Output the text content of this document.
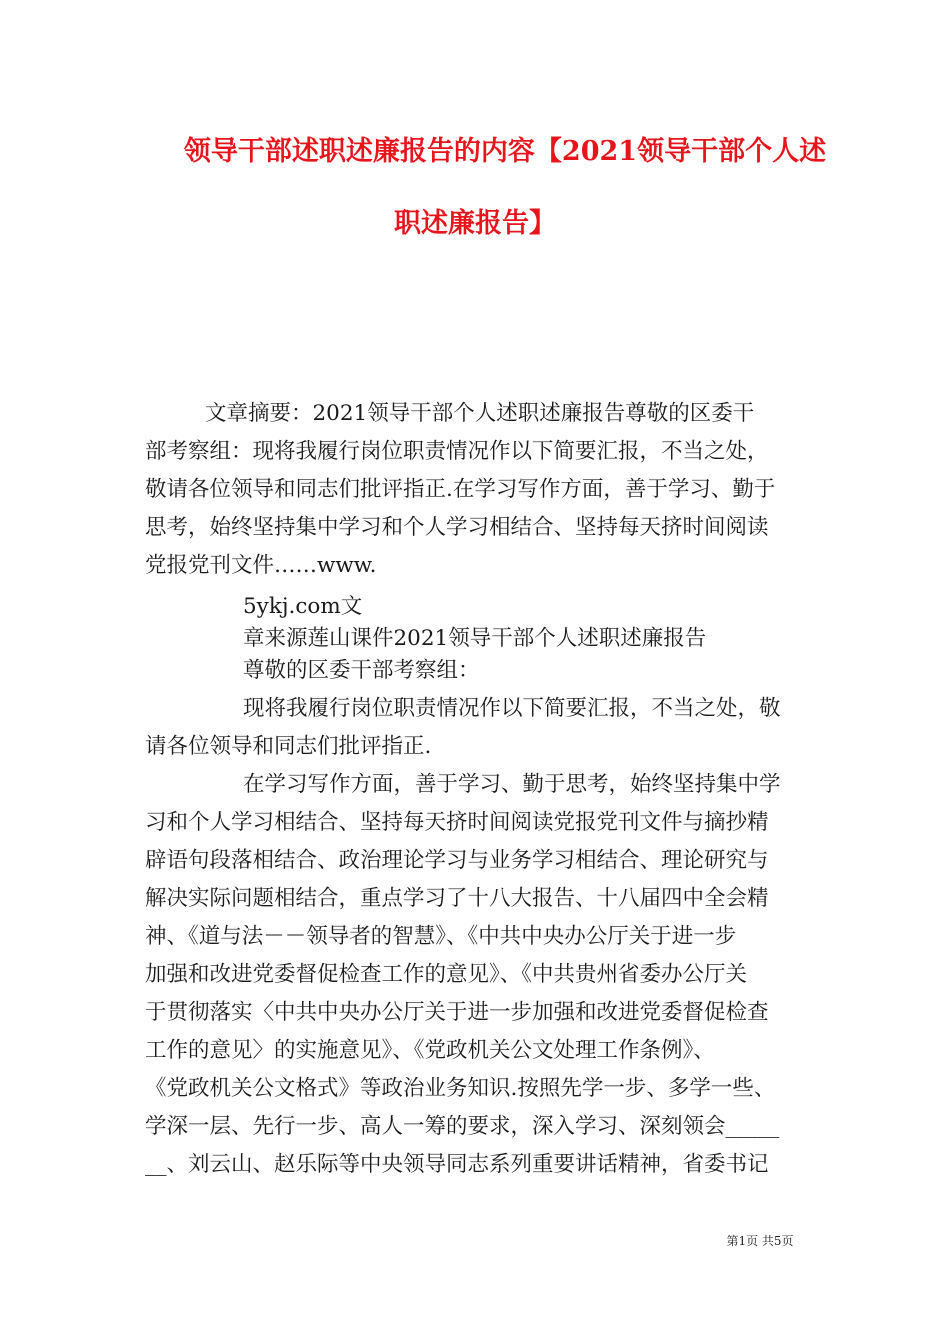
领导干部述职述廉报告的内容【2021领导干部个人述
职述廉报告】
文章摘要：2021领导干部个人述职述廉报告尊敬的区委干
部考察组：现将我履行岗位职责情况作以下简要汇报，不当之处，
敬请各位领导和同志们批评指正.在学习写作方面，善于学习、勤于
思考，始终坚持集中学习和个人学习相结合、坚持每天挤时间阅读
党报党刊文件……www.
5ykj.com文
章来源莲山课件2021领导干部个人述职述廉报告
尊敬的区委干部考察组：
现将我履行岗位职责情况作以下简要汇报，不当之处，敬
请各位领导和同志们批评指正.
在学习写作方面，善于学习、勤于思考，始终坚持集中学
习和个人学习相结合、坚持每天挤时间阅读党报党刊文件与摘抄精
辟语句段落相结合、政治理论学习与业务学习相结合、理论研究与
解决实际问题相结合，重点学习了十八大报告、十八届四中全会精
神、《道与法－－领导者的智慧》、《中共中央办公厅关于进一步
加强和改进党委督促检查工作的意见》、《中共贵州省委办公厅关
于贯彻落实〈中共中央办公厅关于进一步加强和改进党委督促检查
工作的意见〉的实施意见》、《党政机关公文处理工作条例》、
《党政机关公文格式》等政治业务知识.按照先学一步、多学一些、
学深一层、先行一步、高人一筹的要求，深入学习、深刻领会_____
__、刘云山、赵乐际等中央领导同志系列重要讲话精神，省委书记
第1页 共5页
